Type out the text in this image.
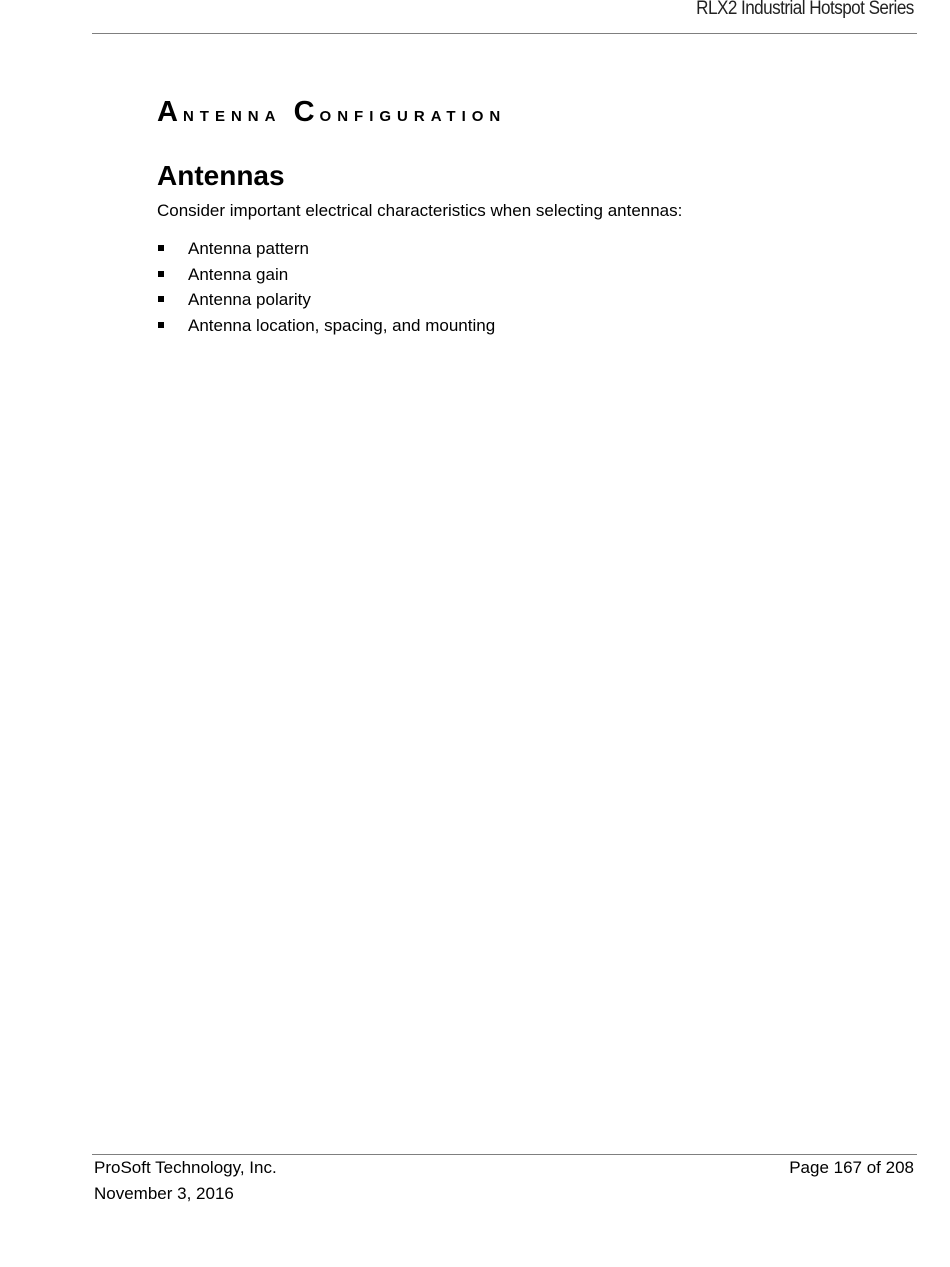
RLX2 Industrial Hotspot Series
Antenna Configuration
Antennas

Consider important electrical characteristics when selecting antennas:

Antenna pattern
Antenna gain
Antenna polarity
Antenna location, spacing, and mounting
ProSoft Technology, Inc.
November 3, 2016
Page 167 of 208
